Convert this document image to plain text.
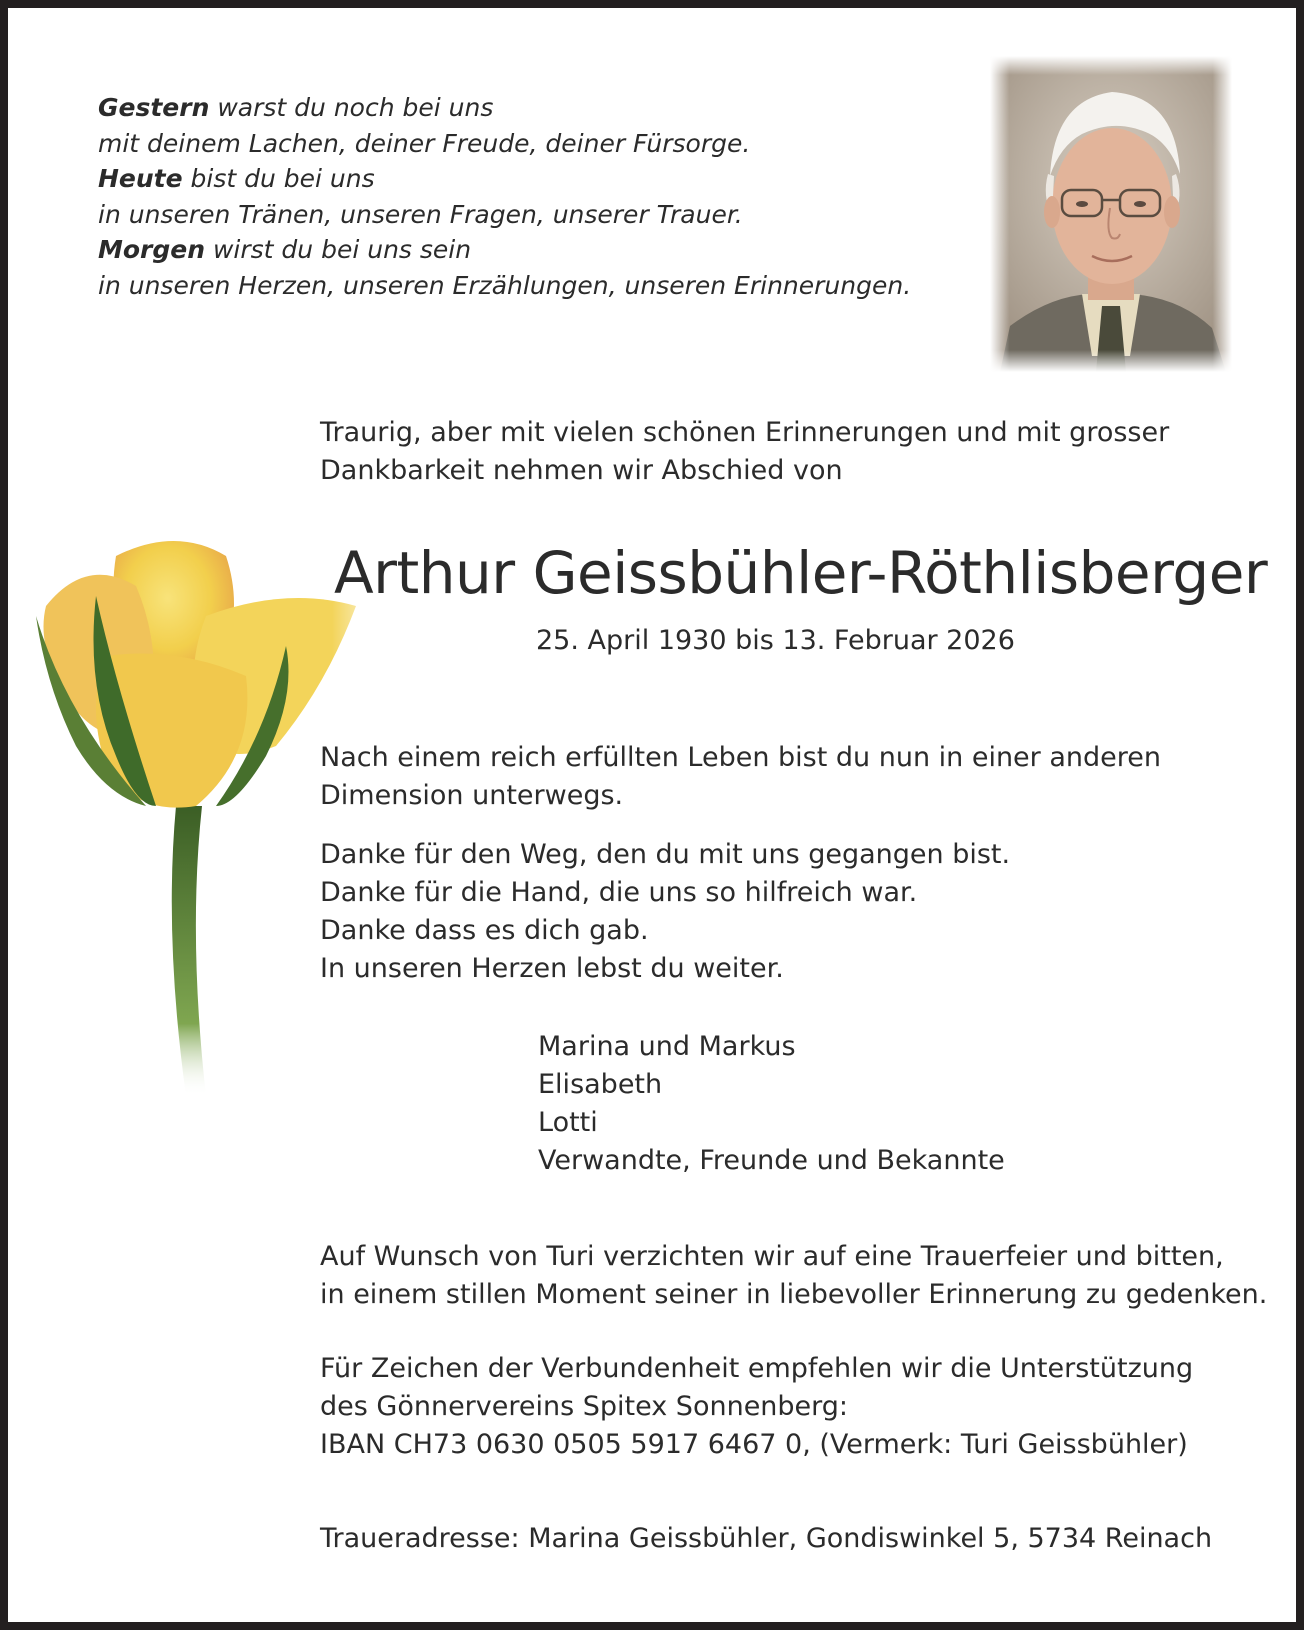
Gestern warst du noch bei uns
mit deinem Lachen, deiner Freude, deiner Fürsorge.
Heute bist du bei uns
in unseren Tränen, unseren Fragen, unserer Trauer.
Morgen wirst du bei uns sein
in unseren Herzen, unseren Erzählungen, unseren Erinnerungen.
Traurig, aber mit vielen schönen Erinnerungen und mit grosser
Dankbarkeit nehmen wir Abschied von
Arthur Geissbühler-Röthlisberger
25. April 1930 bis 13. Februar 2026
Nach einem reich erfüllten Leben bist du nun in einer anderen
Dimension unterwegs.
Danke für den Weg, den du mit uns gegangen bist.
Danke für die Hand, die uns so hilfreich war.
Danke dass es dich gab.
In unseren Herzen lebst du weiter.
Marina und Markus
Elisabeth
Lotti
Verwandte, Freunde und Bekannte
Auf Wunsch von Turi verzichten wir auf eine Trauerfeier und bitten,
in einem stillen Moment seiner in liebevoller Erinnerung zu gedenken.
Für Zeichen der Verbundenheit empfehlen wir die Unterstützung
des Gönnervereins Spitex Sonnenberg:
IBAN CH73 0630 0505 5917 6467 0, (Vermerk: Turi Geissbühler)
Traueradresse: Marina Geissbühler, Gondiswinkel 5, 5734 Reinach
